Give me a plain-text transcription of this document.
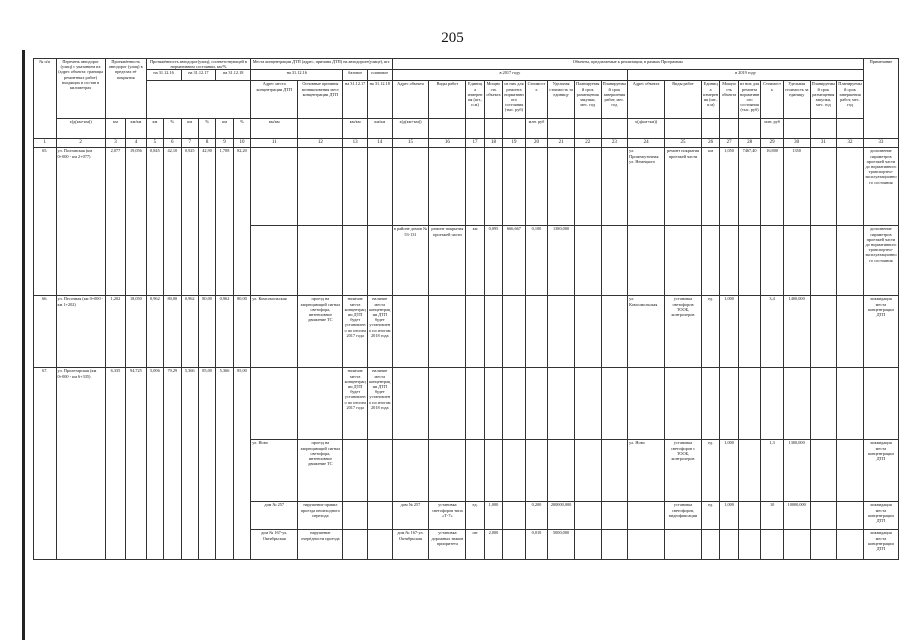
205
№ п/п	Перечень автодорог (улиц) с указанием их (адрес объекта: границы ремонтных работ) входящих в состав в километрах	Протяжённость автодорог (улиц) в пределах её покрытия		Протяжённость автодорог(улиц), соответствующей в нормативном состоянии, км/%						Места концентрации ДТП (адрес, причина ДТП) на автодороге(улице), шт.				Объекты, предлагаемые к реализации, в рамках Программы																		Примечание
				на 31.12.16		на 31.12.17		на 31.12.18		на 31.12.16		базовое	плановое	в 2017 году									в 2019 году									
										Адрес места концентрации ДТП	Основные причины возникновения мест концентрации ДТП	на 31.12.17	на 31.12.18	Адрес объекта	Виды работ	Единица измерения (шт., п.м)	Мощность объекта	из них для ремонта нормативного состояния (тыс. руб)	Стоимость	Удельная стоимость за единицу	Планируемый срок размещения закупки, мес. год	Планируемый срок завершения работ, мес. год	Адрес объекта	Виды работ	Единица измерения (шт., п.м)	Мощность объекта	из них для ремонта нормативного состояния (тыс. руб)	Стоимость	Удельная стоимость за единицу	Планируемый срок размещения закупки, мес. год	Планируемый срок завершения работ, мес. год	
	х(д(км+км))	км	км/км	км	%	км	%	км	%	км/км		км/км	км/км	х(д(км+км))					млн. руб				х(д(км+км))					млн. руб				
1	2	3	4	5	6	7	8	9	10	11	12	13	14	15	16	17	18	19	20	21	22	23	24	25	26	27	28	29	30	31	32	33
65.	ул. Полтавская (км 0+000 - км 2+077)	2,077	19,056	0,845	42,10	0,925	42,90	1,708	82,20														ул. Промежуточная ул. Немецкого	ремонт покрытия проезжей части	км	1,050	7467,40	16,800	1350			дополнение параметров проезжей части до нормативного транспортно-эксплуатационного состояния
														в районе домов № 53-131	ремонт покрытия проезжей части	км	0,095	666,667	0,100	1380,000												дополнение параметров проезжей части до нормативного транспортно-эксплуатационного состояния
66.	ул. Песочная (км 0+000 - км 1+202)	1,202	18,050	0,962	80,00	0,962	80,00	0,962	80,00	ул. Комсомольская	проезд на запрещающий сигнал светофора, интенсивное движение ТС	наличие места концентрации ДТП будет установлено по итогам 2017 года	наличие места концентрации ДТП будет установлено по итогам 2018 года										ул. Комсомольская	установка светофоров ТООБ, контролеров	ед.	1,000		3,4	1400,000			ликвидация места концентрации ДТП
67.	ул. Пролетарская (км 0+000 - км 6+335)	6,335	94,725	5,006	79,29	5,366	85,00	5,366	85,00			наличие места концентрации ДТП будет установлено по итогам 2017 года	наличие места концентрации ДТП будет установлено по итогам 2018 года																			
										ул. Ново	проезд на запрещающий сигнал светофора, интенсивное движение ТС												ул. Ново	установка светофоров с ТООБ, контролеров	ед.	1,000		1,3	1300,000			ликвидация места концентрации ДТП
										дом № 257	нарушение правил проезда пешеходного перехода			дом № 257	установка светофоров типа «Т-7»	ед.	1,000		0,200	200000,000				установка светофоров, видеофиксации	ед.	1,000		10	10000,000			ликвидация места концентрации ДТП
										дом № 167-ул. Октябрьская	нарушение очерёдности проезда			дом № 167-ул. Октябрьская	установка дорожных знаков приоритета	шт	2,000		0,010	5000,000												ликвидация места концентрации ДТП
